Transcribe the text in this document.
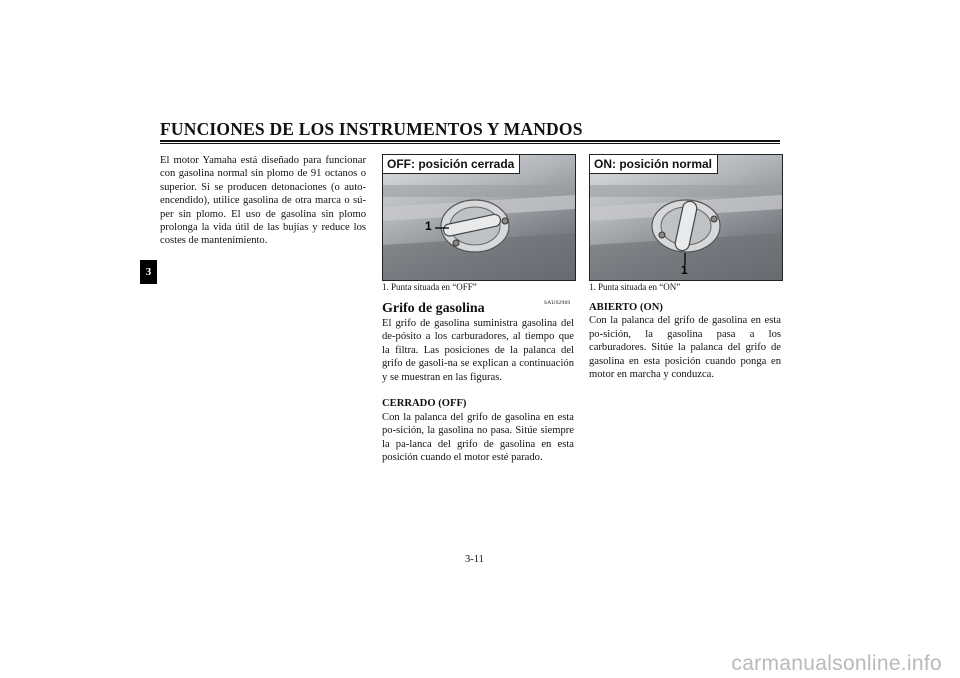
FUNCIONES DE LOS INSTRUMENTOS Y MANDOS
3

El motor Yamaha está diseñado para funcionar con gasolina normal sin plomo de 91 octanos o superior. Si se producen detonaciones (o auto-encendido), utilice gasolina de otra marca o sú-per sin plomo. El uso de gasolina sin plomo prolonga la vida útil de las bujías y reduce los costes de mantenimiento.

OFF: posición cerrada
1
1. Punta situada en “OFF”
ON: posición normal
1
1. Punta situada en “ON”
SAU02969

Grifo de gasolina

El grifo de gasolina suministra gasolina del de-pósito a los carburadores, al tiempo que la filtra. Las posiciones de la palanca del grifo de gasoli-na se explican a continuación y se muestran en las figuras.

CERRADO (OFF)

Con la palanca del grifo de gasolina en esta po-sición, la gasolina no pasa. Sitúe siempre la pa-lanca del grifo de gasolina en esta posición cuando el motor esté parado.

ABIERTO (ON)

Con la palanca del grifo de gasolina en esta po-sición, la gasolina pasa a los carburadores. Sitúe la palanca del grifo de gasolina en esta posición cuando ponga en motor en marcha y conduzca.

3-11
carmanualsonline.info
